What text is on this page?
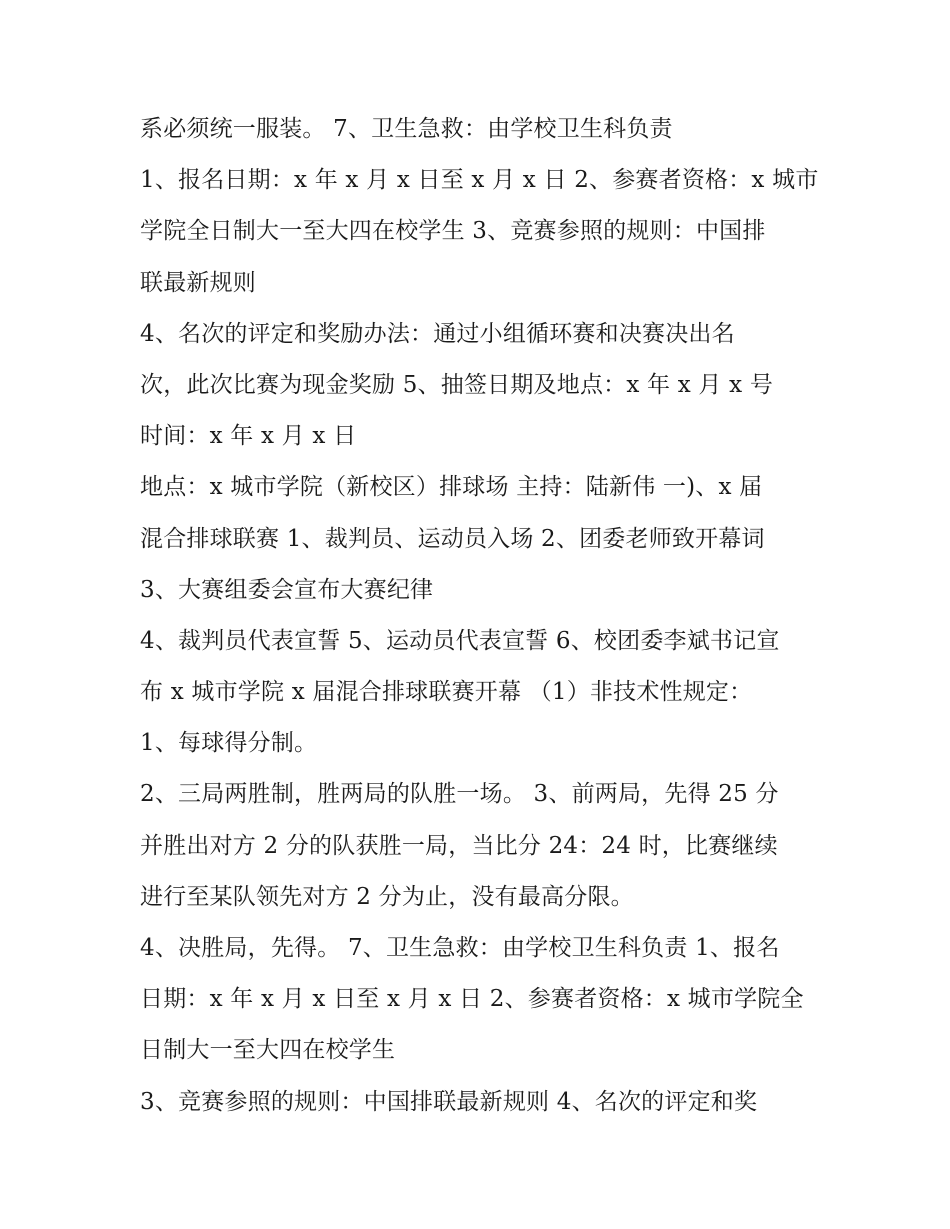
系必须统一服装。 7、卫生急救：由学校卫生科负责
1、报名日期：x 年 x 月 x 日至 x 月 x 日 2、参赛者资格：x 城市
学院全日制大一至大四在校学生 3、竞赛参照的规则：中国排
联最新规则
4、名次的评定和奖励办法：通过小组循环赛和决赛决出名
次，此次比赛为现金奖励 5、抽签日期及地点：x 年 x 月 x 号
时间：x 年 x 月 x 日
地点：x 城市学院（新校区）排球场 主持：陆新伟 一)、x 届
混合排球联赛 1、裁判员、运动员入场 2、团委老师致开幕词
3、大赛组委会宣布大赛纪律
4、裁判员代表宣誓 5、运动员代表宣誓 6、校团委李斌书记宣
布 x 城市学院 x 届混合排球联赛开幕 （1）非技术性规定：
1、每球得分制。
2、三局两胜制，胜两局的队胜一场。 3、前两局，先得 25 分
并胜出对方 2 分的队获胜一局，当比分 24：24 时，比赛继续
进行至某队领先对方 2 分为止，没有最高分限。
4、决胜局，先得。 7、卫生急救：由学校卫生科负责 1、报名
日期：x 年 x 月 x 日至 x 月 x 日 2、参赛者资格：x 城市学院全
日制大一至大四在校学生
3、竞赛参照的规则：中国排联最新规则 4、名次的评定和奖
